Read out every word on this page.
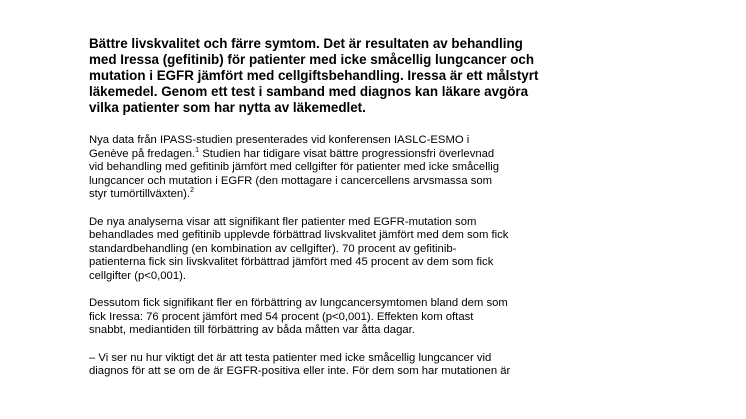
Bättre livskvalitet och färre symtom. Det är resultaten av behandling
med Iressa (gefitinib) för patienter med icke småcellig lungcancer och
mutation i EGFR jämfört med cellgiftsbehandling. Iressa är ett målstyrt
läkemedel. Genom ett test i samband med diagnos kan läkare avgöra
vilka patienter som har nytta av läkemedlet.
Nya data från IPASS-studien presenterades vid konferensen IASLC-ESMO i
Genève på fredagen.$^1$ Studien har tidigare visat bättre progressionsfri överlevnad
vid behandling med gefitinib jämfört med cellgifter för patienter med icke småcellig
lungcancer och mutation i EGFR (den mottagare i cancercellens arvsmassa som
styr tumörtillväxten).$^2$
De nya analyserna visar att signifikant fler patienter med EGFR-mutation som
behandlades med gefitinib upplevde förbättrad livskvalitet jämfört med dem som fick
standardbehandling (en kombination av cellgifter). 70 procent av gefitinib-
patienterna fick sin livskvalitet förbättrad jämfört med 45 procent av dem som fick
cellgifter (p<0,001).
Dessutom fick signifikant fler en förbättring av lungcancersymtomen bland dem som
fick Iressa: 76 procent jämfört med 54 procent (p<0,001). Effekten kom oftast
snabbt, mediantiden till förbättring av båda måtten var åtta dagar.
– Vi ser nu hur viktigt det är att testa patienter med icke småcellig lungcancer vid
diagnos för att se om de är EGFR-positiva eller inte. För dem som har mutationen är
